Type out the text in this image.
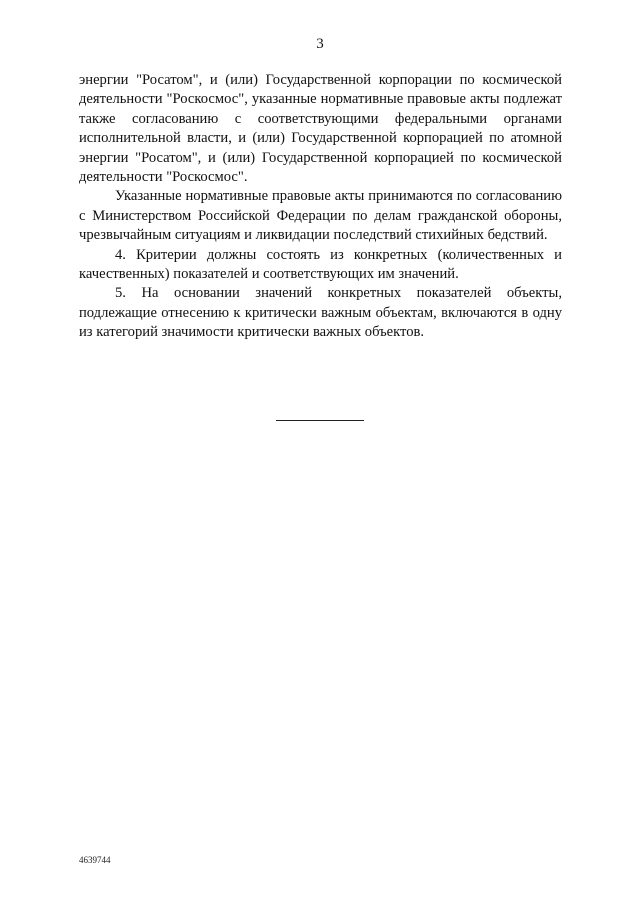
3

энергии "Росатом", и (или) Государственной корпорации по космической деятельности "Роскосмос", указанные нормативные правовые акты подлежат также согласованию с соответствующими федеральными органами исполнительной власти, и (или) Государственной корпорацией по атомной энергии "Росатом", и (или) Государственной корпорацией по космической деятельности "Роскосмос".

Указанные нормативные правовые акты принимаются по согласованию с Министерством Российской Федерации по делам гражданской обороны, чрезвычайным ситуациям и ликвидации последствий стихийных бедствий.

4. Критерии должны состоять из конкретных (количественных и качественных) показателей и соответствующих им значений.

5. На основании значений конкретных показателей объекты, подлежащие отнесению к критически важным объектам, включаются в одну из категорий значимости критически важных объектов.

4639744
